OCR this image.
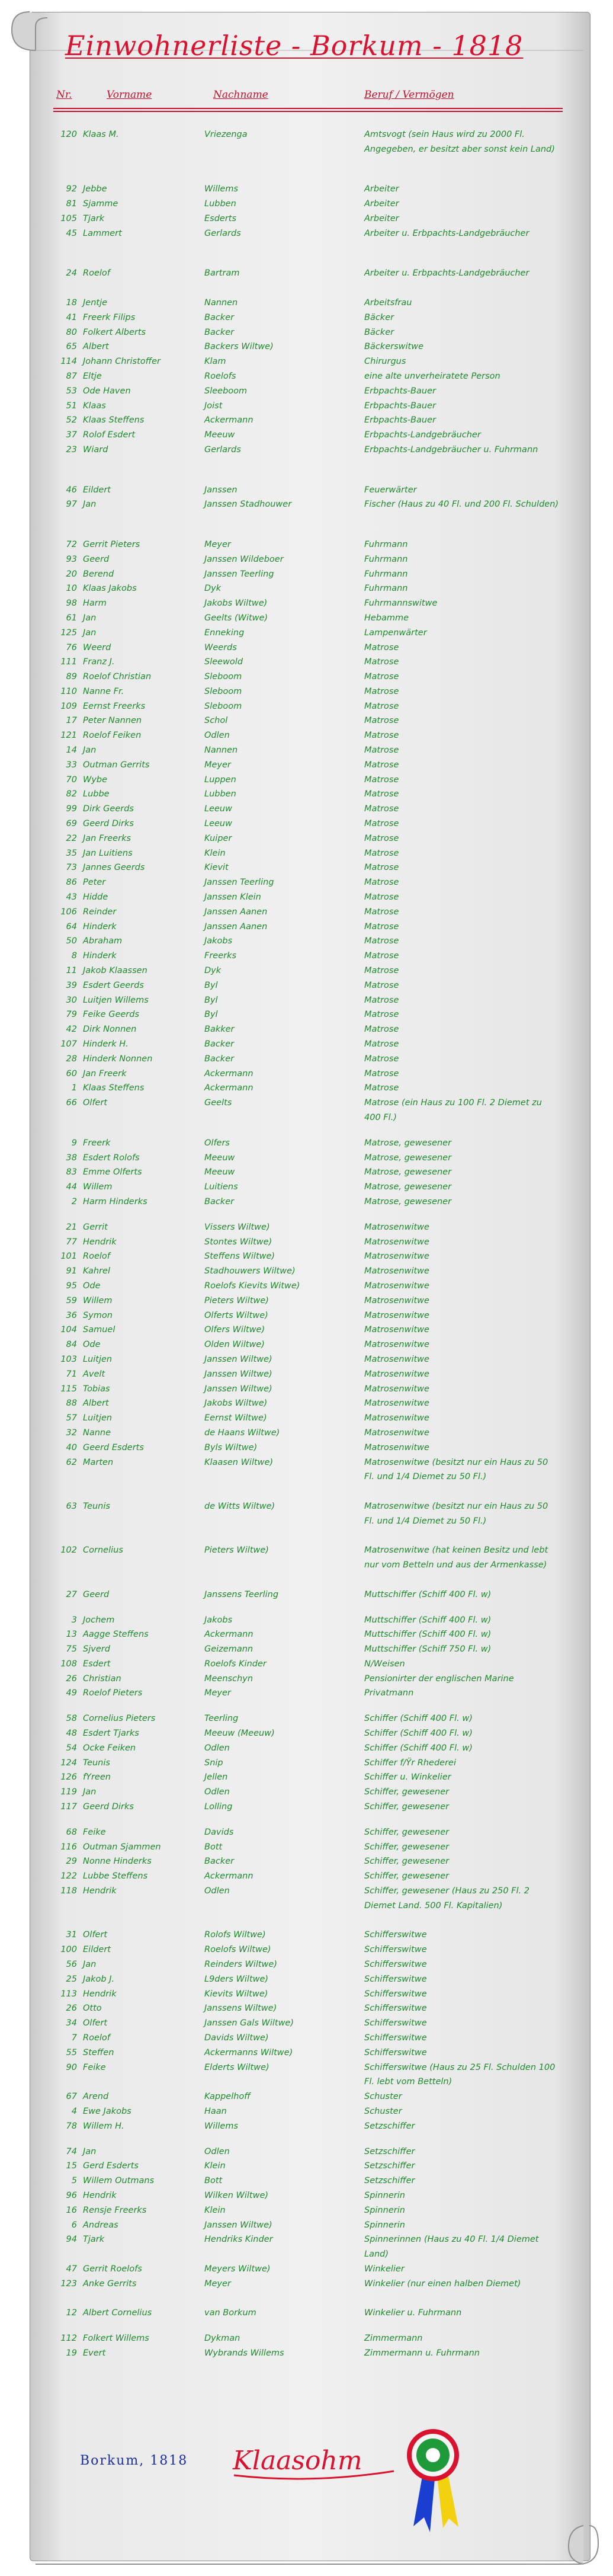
Einwohnerliste - Borkum - 1818
Nr.	Vorname	Nachname	Beruf / Vermögen
120 Klaas M.	Vriezenga	Amtsvogt (sein Haus wird zu 2000 Fl. Angegeben, er besitzt aber sonst kein Land)
92 Jebbe	Willems	Arbeiter
81 Sjamme	Lubben	Arbeiter
105 Tjark	Esderts	Arbeiter
45 Lammert	Gerlards	Arbeiter u. Erbpachts-Landgebräucher
24 Roelof	Bartram	Arbeiter u. Erbpachts-Landgebräucher
18 Jentje	Nannen	Arbeitsfrau
41 Freerk Filips	Backer	Bäcker
80 Folkert Alberts	Backer	Bäcker
65 Albert	Backers Wiltwe)	Bäckerswitwe
114 Johann Christoffer	Klam	Chirurgus
87 Eltje	Roelofs	eine alte unverheiratete Person
53 Ode Haven	Sleeboom	Erbpachts-Bauer
51 Klaas	Joist	Erbpachts-Bauer
52 Klaas Steffens	Ackermann	Erbpachts-Bauer
37 Rolof Esdert	Meeuw	Erbpachts-Landgebräucher
23 Wiard	Gerlards	Erbpachts-Landgebräucher u. Fuhrmann
46 Eildert	Janssen	Feuerwärter
97 Jan	Janssen Stadhouwer	Fischer (Haus zu 40 Fl. und 200 Fl. Schulden)
72 Gerrit Pieters	Meyer	Fuhrmann
93 Geerd	Janssen Wildeboer	Fuhrmann
20 Berend	Janssen Teerling	Fuhrmann
10 Klaas Jakobs	Dyk	Fuhrmann
98 Harm	Jakobs Wiltwe)	Fuhrmannswitwe
61 Jan	Geelts (Witwe)	Hebamme
125 Jan	Enneking	Lampenwärter
76 Weerd	Weerds	Matrose
111 Franz J.	Sleewold	Matrose
89 Roelof Christian	Sleboom	Matrose
110 Nanne Fr.	Sleboom	Matrose
109 Eernst Freerks	Sleboom	Matrose
17 Peter Nannen	Schol	Matrose
121 Roelof Feiken	Odlen	Matrose
14 Jan	Nannen	Matrose
33 Outman Gerrits	Meyer	Matrose
70 Wybe	Luppen	Matrose
82 Lubbe	Lubben	Matrose
99 Dirk Geerds	Leeuw	Matrose
69 Geerd Dirks	Leeuw	Matrose
22 Jan Freerks	Kuiper	Matrose
35 Jan Luitiens	Klein	Matrose
73 Jannes Geerds	Kievit	Matrose
86 Peter	Janssen Teerling	Matrose
43 Hidde	Janssen Klein	Matrose
106 Reinder	Janssen Aanen	Matrose
64 Hinderk	Janssen Aanen	Matrose
50 Abraham	Jakobs	Matrose
8 Hinderk	Freerks	Matrose
11 Jakob Klaassen	Dyk	Matrose
39 Esdert Geerds	Byl	Matrose
30 Luitjen Willems	Byl	Matrose
79 Feike Geerds	Byl	Matrose
42 Dirk Nonnen	Bakker	Matrose
107 Hinderk H.	Backer	Matrose
28 Hinderk Nonnen	Backer	Matrose
60 Jan Freerk	Ackermann	Matrose
1 Klaas Steffens	Ackermann	Matrose
66 Olfert	Geelts	Matrose (ein Haus zu 100 Fl. 2 Diemet zu 400 Fl.)
9 Freerk	Olfers	Matrose, gewesener
38 Esdert Rolofs	Meeuw	Matrose, gewesener
83 Emme Olferts	Meeuw	Matrose, gewesener
44 Willem	Luitiens	Matrose, gewesener
2 Harm Hinderks	Backer	Matrose, gewesener
21 Gerrit	Vissers Wiltwe)	Matrosenwitwe
77 Hendrik	Stontes Wiltwe)	Matrosenwitwe
101 Roelof	Steffens Wiltwe)	Matrosenwitwe
91 Kahrel	Stadhouwers Wiltwe)	Matrosenwitwe
95 Ode	Roelofs Kievits Witwe)	Matrosenwitwe
59 Willem	Pieters Wiltwe)	Matrosenwitwe
36 Symon	Olferts Wiltwe)	Matrosenwitwe
104 Samuel	Olfers Wiltwe)	Matrosenwitwe
84 Ode	Olden Wiltwe)	Matrosenwitwe
103 Luitjen	Janssen Wiltwe)	Matrosenwitwe
71 Avelt	Janssen Wiltwe)	Matrosenwitwe
115 Tobias	Janssen Wiltwe)	Matrosenwitwe
88 Albert	Jakobs Wiltwe)	Matrosenwitwe
57 Luitjen	Eernst Wiltwe)	Matrosenwitwe
32 Nanne	de Haans Wiltwe)	Matrosenwitwe
40 Geerd Esderts	Byls Wiltwe)	Matrosenwitwe
62 Marten	Klaasen Wiltwe)	Matrosenwitwe (besitzt nur ein Haus zu 50 Fl. und 1/4 Diemet zu 50 Fl.)
63 Teunis	de Witts Wiltwe)	Matrosenwitwe (besitzt nur ein Haus zu 50 Fl. und 1/4 Diemet zu 50 Fl.)
102 Cornelius	Pieters Wiltwe)	Matrosenwitwe (hat keinen Besitz und lebt nur vom Betteln und aus der Armenkasse)
27 Geerd	Janssens Teerling	Muttschiffer (Schiff 400 Fl. w)
3 Jochem	Jakobs	Muttschiffer (Schiff 400 Fl. w)
13 Aagge Steffens	Ackermann	Muttschiffer (Schiff 400 Fl. w)
75 Sjverd	Geizemann	Muttschiffer (Schiff 750 Fl. w)
108 Esdert	Roelofs Kinder	N/Weisen
26 Christian	Meenschyn	Pensionirter der englischen Marine
49 Roelof Pieters	Meyer	Privatmann
58 Cornelius Pieters	Teerling	Schiffer (Schiff 400 Fl. w)
48 Esdert Tjarks	Meeuw (Meeuw)	Schiffer (Schiff 400 Fl. w)
54 Ocke Feiken	Odlen	Schiffer (Schiff 400 Fl. w)
124 Teunis	Snip	Schiffer f/Ÿr Rhederei
126 fYreen	Jellen	Schiffer u. Winkelier
119 Jan	Odlen	Schiffer, gewesener
117 Geerd Dirks	Lolling	Schiffer, gewesener
68 Feike	Davids	Schiffer, gewesener
116 Outman Sjammen	Bott	Schiffer, gewesener
29 Nonne Hinderks	Backer	Schiffer, gewesener
122 Lubbe Steffens	Ackermann	Schiffer, gewesener
118 Hendrik	Odlen	Schiffer, gewesener (Haus zu 250 Fl. 2 Diemet Land. 500 Fl. Kapitalien)
31 Olfert	Rolofs Wiltwe)	Schifferswitwe
100 Eildert	Roelofs Wiltwe)	Schifferswitwe
56 Jan	Reinders Wiltwe)	Schifferswitwe
25 Jakob J.	L9ders Wiltwe)	Schifferswitwe
113 Hendrik	Kievits Wiltwe)	Schifferswitwe
26 Otto	Janssens Wiltwe)	Schifferswitwe
34 Olfert	Janssen Gals Wiltwe)	Schifferswitwe
7 Roelof	Davids Wiltwe)	Schifferswitwe
55 Steffen	Ackermanns Wiltwe)	Schifferswitwe
90 Feike	Elderts Wiltwe)	Schifferswitwe (Haus zu 25 Fl. Schulden 100 Fl. lebt vom Betteln)
67 Arend	Kappelhoff	Schuster
4 Ewe Jakobs	Haan	Schuster
78 Willem H.	Willems	Setzschiffer
74 Jan	Odlen	Setzschiffer
15 Gerd Esderts	Klein	Setzschiffer
5 Willem Outmans	Bott	Setzschiffer
96 Hendrik	Wilken Wiltwe)	Spinnerin
16 Rensje Freerks	Klein	Spinnerin
6 Andreas	Janssen Wiltwe)	Spinnerin
94 Tjark	Hendriks Kinder	Spinnerinnen (Haus zu 40 Fl. 1/4 Diemet Land)
47 Gerrit Roelofs	Meyers Wiltwe)	Winkelier
123 Anke Gerrits	Meyer	Winkelier (nur einen halben Diemet)
12 Albert Cornelius	van Borkum	Winkelier u. Fuhrmann
112 Folkert Willems	Dykman	Zimmermann
19 Evert	Wybrands Willems	Zimmermann u. Fuhrmann
Borkum, 1818 Klaasohm
